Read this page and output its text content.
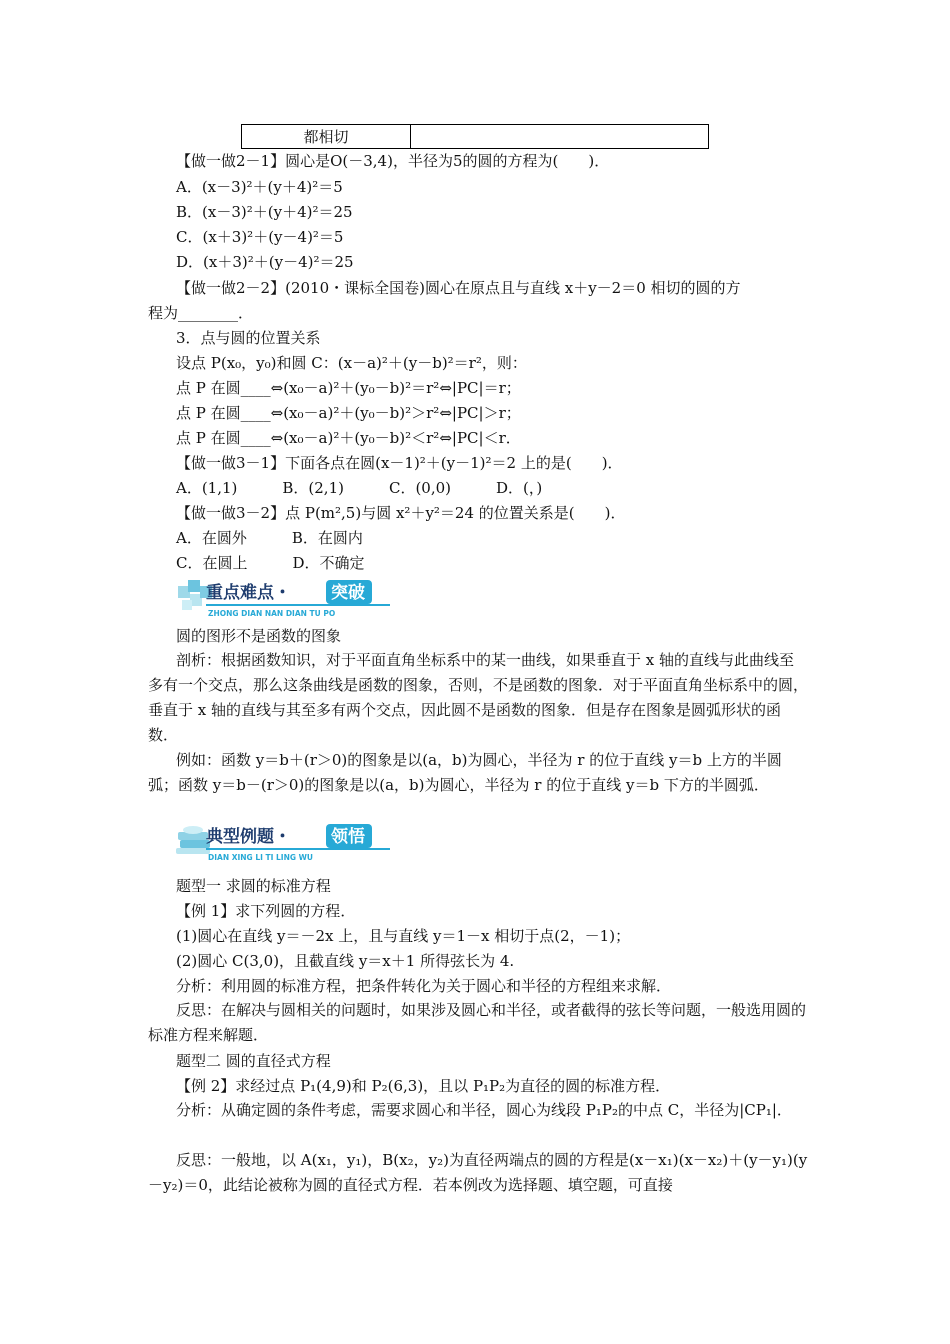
都相切	
【做一做2－1】圆心是O(－3,4)，半径为5的圆的方程为(　　)．
A．(x－3)²＋(y＋4)²＝5
B．(x－3)²＋(y＋4)²＝25
C．(x＋3)²＋(y－4)²＝5
D．(x＋3)²＋(y－4)²＝25
【做一做2－2】(2010・课标全国卷)圆心在原点且与直线 x＋y－2＝0 相切的圆的方
程为________．
3．点与圆的位置关系
设点 P(x₀，y₀)和圆 C：(x－a)²＋(y－b)²＝r²，则：
点 P 在圆____⇔(x₀－a)²＋(y₀－b)²＝r²⇔|PC|＝r；
点 P 在圆____⇔(x₀－a)²＋(y₀－b)²＞r²⇔|PC|＞r；
点 P 在圆____⇔(x₀－a)²＋(y₀－b)²＜r²⇔|PC|＜r．
【做一做3－1】下面各点在圆(x－1)²＋(y－1)²＝2 上的是(　　)．
A．(1,1)　　　B．(2,1)　　　C．(0,0)　　　D．(，)
【做一做3－2】点 P(m²,5)与圆 x²＋y²＝24 的位置关系是(　　)．
A．在圆外　　　B．在圆内
C．在圆上　　　D．不确定
重点难点・ 突破
ZHONG DIAN NAN DIAN TU PO
圆的图形不是函数的图象
剖析：根据函数知识，对于平面直角坐标系中的某一曲线，如果垂直于 x 轴的直线与此曲线至多有一个交点，那么这条曲线是函数的图象，否则，不是函数的图象．对于平面直角坐标系中的圆，垂直于 x 轴的直线与其至多有两个交点，因此圆不是函数的图象．但是存在图象是圆弧形状的函数．
例如：函数 y＝b＋(r＞0)的图象是以(a，b)为圆心，半径为 r 的位于直线 y＝b 上方的半圆弧；函数 y＝b－(r＞0)的图象是以(a，b)为圆心，半径为 r 的位于直线 y＝b 下方的半圆弧．
典型例题・ 领悟
DIAN XING LI TI LING WU
题型一 求圆的标准方程
【例 1】求下列圆的方程．
(1)圆心在直线 y＝－2x 上，且与直线 y＝1－x 相切于点(2，－1)；
(2)圆心 C(3,0)，且截直线 y＝x＋1 所得弦长为 4.
分析：利用圆的标准方程，把条件转化为关于圆心和半径的方程组来求解．
反思：在解决与圆相关的问题时，如果涉及圆心和半径，或者截得的弦长等问题，一般选用圆的标准方程来解题．
题型二 圆的直径式方程
【例 2】求经过点 P₁(4,9)和 P₂(6,3)，且以 P₁P₂为直径的圆的标准方程．
分析：从确定圆的条件考虑，需要求圆心和半径，圆心为线段 P₁P₂的中点 C，半径为|CP₁|．
反思：一般地，以 A(x₁，y₁)，B(x₂，y₂)为直径两端点的圆的方程是(x－x₁)(x－x₂)＋(y－y₁)(y－y₂)＝0，此结论被称为圆的直径式方程．若本例改为选择题、填空题，可直接
